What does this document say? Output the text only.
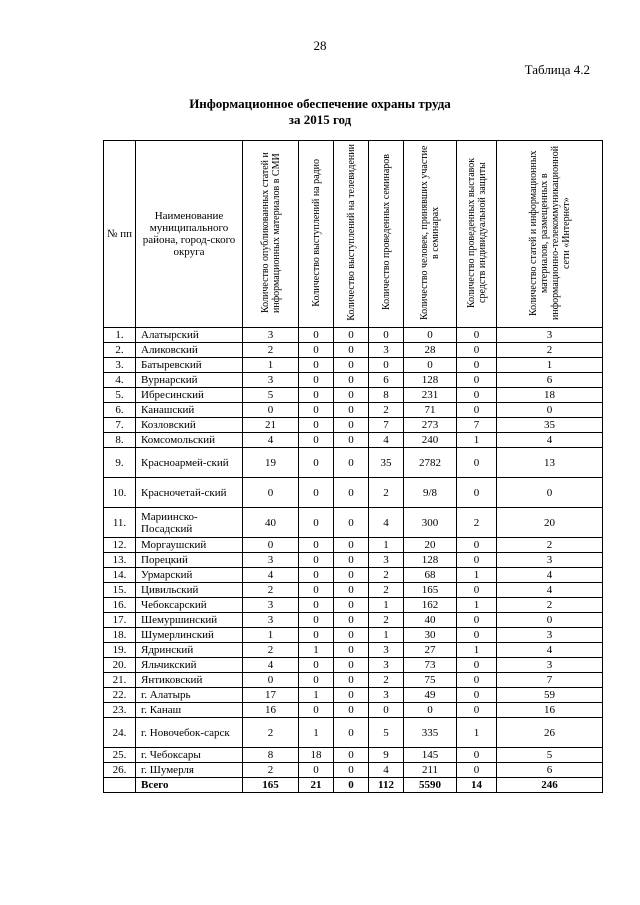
28
Таблица 4.2
Информационное обеспечение охраны труда
за 2015 год
№ пп	Наименование муниципального района, город-ского округа	Количество опубликованных статей и информационных материалов в СМИ	Количество выступлений на радио	Количество выступлений на телевидении	Количество проведенных семинаров	Количество человек, принявших участие в семинарах	Количество проведенных выставок средств индивидуальной защиты	Количество статей и информационных материалов, размещенных в информационно-телекоммуникационной сети «Интернет»
1.	Алатырский	3	0	0	0	0	0	3
2.	Аликовский	2	0	0	3	28	0	2
3.	Батыревский	1	0	0	0	0	0	1
4.	Вурнарский	3	0	0	6	128	0	6
5.	Ибресинский	5	0	0	8	231	0	18
6.	Канашский	0	0	0	2	71	0	0
7.	Козловский	21	0	0	7	273	7	35
8.	Комсомольский	4	0	0	4	240	1	4
9.	Красноармей-ский	19	0	0	35	2782	0	13
10.	Красночетай-ский	0	0	0	2	9/8	0	0
11.	Мариинско-Посадский	40	0	0	4	300	2	20
12.	Моргаушский	0	0	0	1	20	0	2
13.	Порецкий	3	0	0	3	128	0	3
14.	Урмарский	4	0	0	2	68	1	4
15.	Цивильский	2	0	0	2	165	0	4
16.	Чебоксарский	3	0	0	1	162	1	2
17.	Шемуршинский	3	0	0	2	40	0	0
18.	Шумерлинский	1	0	0	1	30	0	3
19.	Ядринский	2	1	0	3	27	1	4
20.	Яльчикский	4	0	0	3	73	0	3
21.	Янтиковский	0	0	0	2	75	0	7
22.	г. Алатырь	17	1	0	3	49	0	59
23.	г. Канаш	16	0	0	0	0	0	16
24.	г. Новочебок-сарск	2	1	0	5	335	1	26
25.	г. Чебоксары	8	18	0	9	145	0	5
26.	г. Шумерля	2	0	0	4	211	0	6
	Всего	165	21	0	112	5590	14	246
